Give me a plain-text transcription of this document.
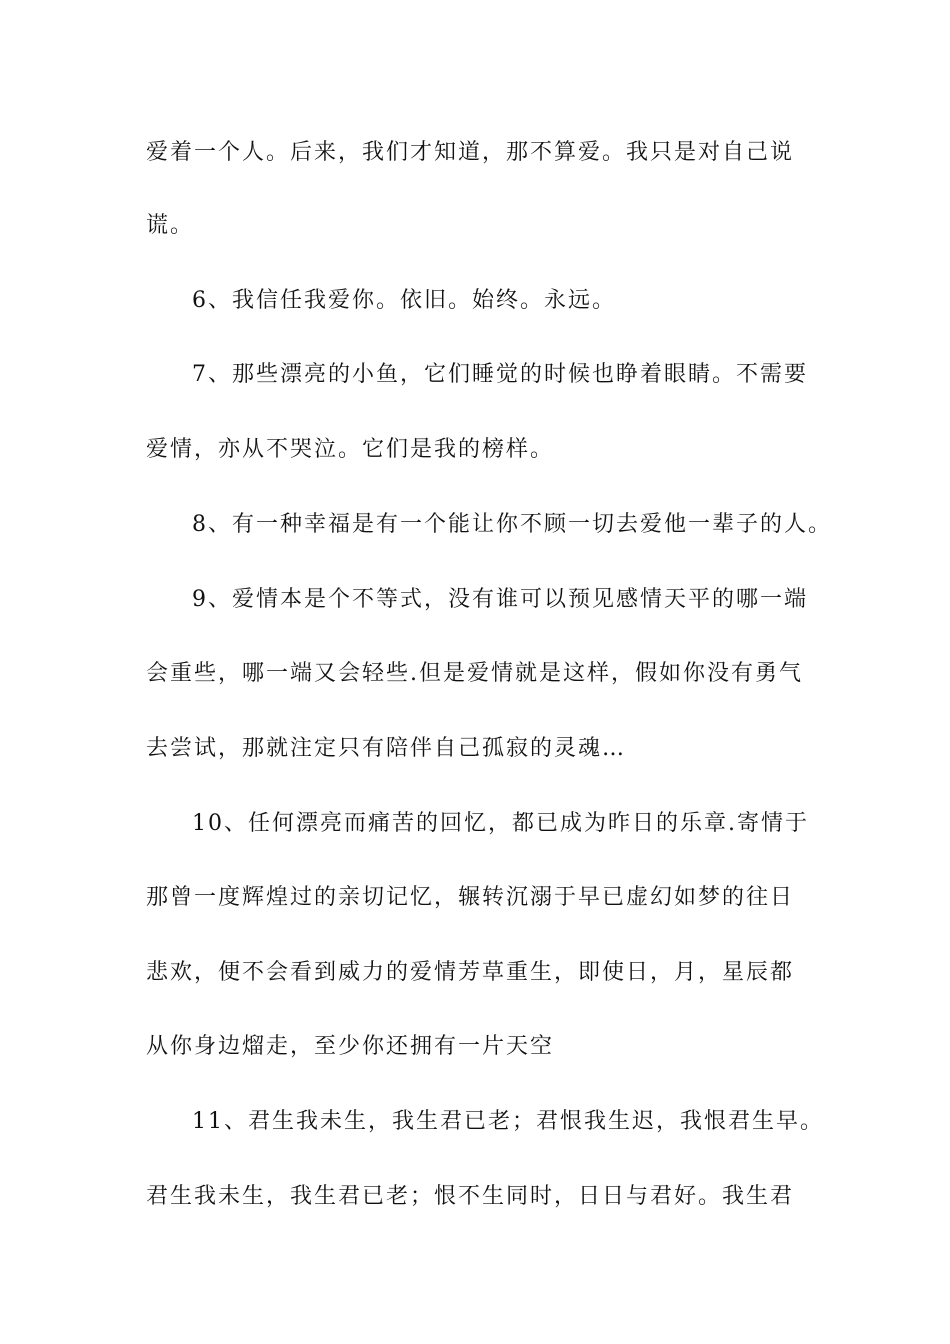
爱着一个人。后来，我们才知道，那不算爱。我只是对自己说
谎。
6、我信任我爱你。依旧。始终。永远。
7、那些漂亮的小鱼，它们睡觉的时候也睁着眼睛。不需要
爱情，亦从不哭泣。它们是我的榜样。
8、有一种幸福是有一个能让你不顾一切去爱他一辈子的人。
9、爱情本是个不等式，没有谁可以预见感情天平的哪一端
会重些，哪一端又会轻些.但是爱情就是这样，假如你没有勇气
去尝试，那就注定只有陪伴自己孤寂的灵魂…
10、任何漂亮而痛苦的回忆，都已成为昨日的乐章.寄情于
那曾一度辉煌过的亲切记忆，辗转沉溺于早已虚幻如梦的往日
悲欢，便不会看到威力的爱情芳草重生，即使日，月，星辰都
从你身边熘走，至少你还拥有一片天空
11、君生我未生，我生君已老；君恨我生迟，我恨君生早。
君生我未生，我生君已老；恨不生同时，日日与君好。我生君
